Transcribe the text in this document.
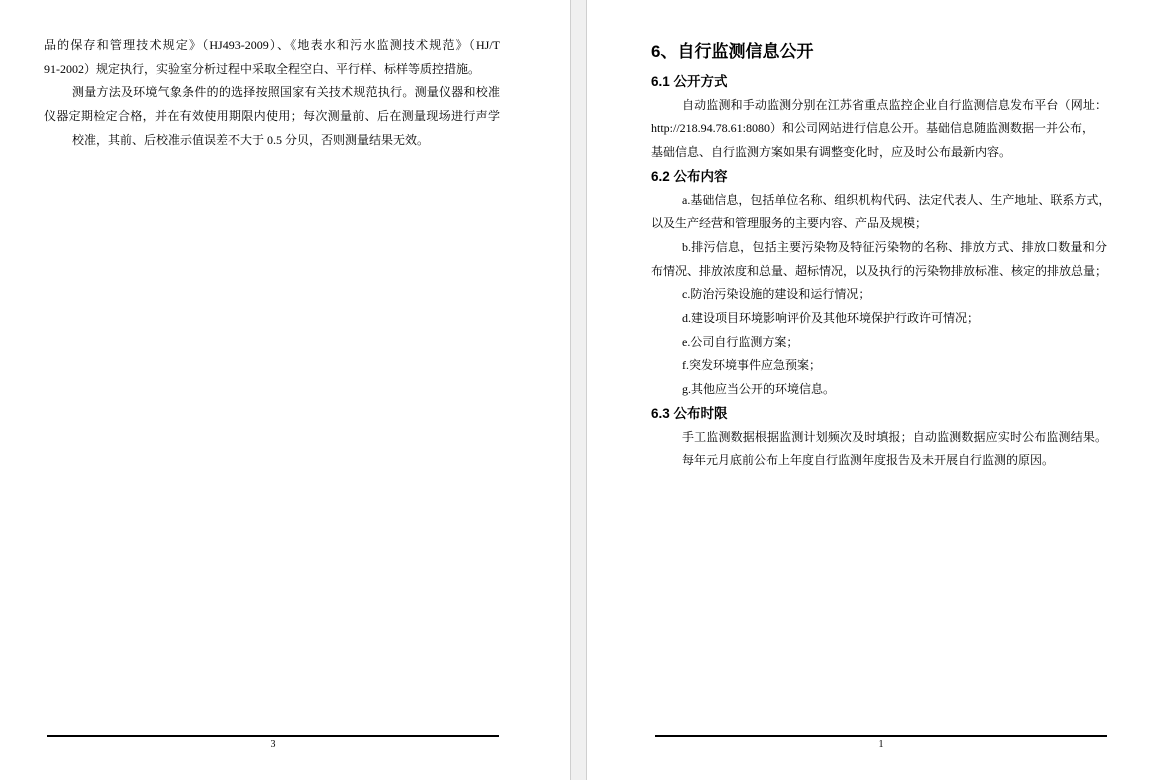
品的保存和管理技术规定》（HJ493-2009）、《地表水和污水监测技术规范》（HJ/T
91-2002）规定执行，实验室分析过程中采取全程空白、平行样、标样等质控措施。
测量方法及环境气象条件的的选择按照国家有关技术规范执行。测量仪器和校准
仪器定期检定合格，并在有效使用期限内使用；每次测量前、后在测量现场进行声学
校准，其前、后校准示值误差不大于 0.5 分贝，否则测量结果无效。
3
6、自行监测信息公开
6.1 公开方式
自动监测和手动监测分别在江苏省重点监控企业自行监测信息发布平台（网址：
http://218.94.78.61:8080）和公司网站进行信息公开。基础信息随监测数据一并公布，
基础信息、自行监测方案如果有调整变化时，应及时公布最新内容。
6.2 公布内容
a.基础信息，包括单位名称、组织机构代码、法定代表人、生产地址、联系方式，
以及生产经营和管理服务的主要内容、产品及规模；
b.排污信息，包括主要污染物及特征污染物的名称、排放方式、排放口数量和分
布情况、排放浓度和总量、超标情况，以及执行的污染物排放标准、核定的排放总量；
c.防治污染设施的建设和运行情况；
d.建设项目环境影响评价及其他环境保护行政许可情况；
e.公司自行监测方案；
f.突发环境事件应急预案；
g.其他应当公开的环境信息。
6.3 公布时限
手工监测数据根据监测计划频次及时填报；自动监测数据应实时公布监测结果。
每年元月底前公布上年度自行监测年度报告及未开展自行监测的原因。
1
